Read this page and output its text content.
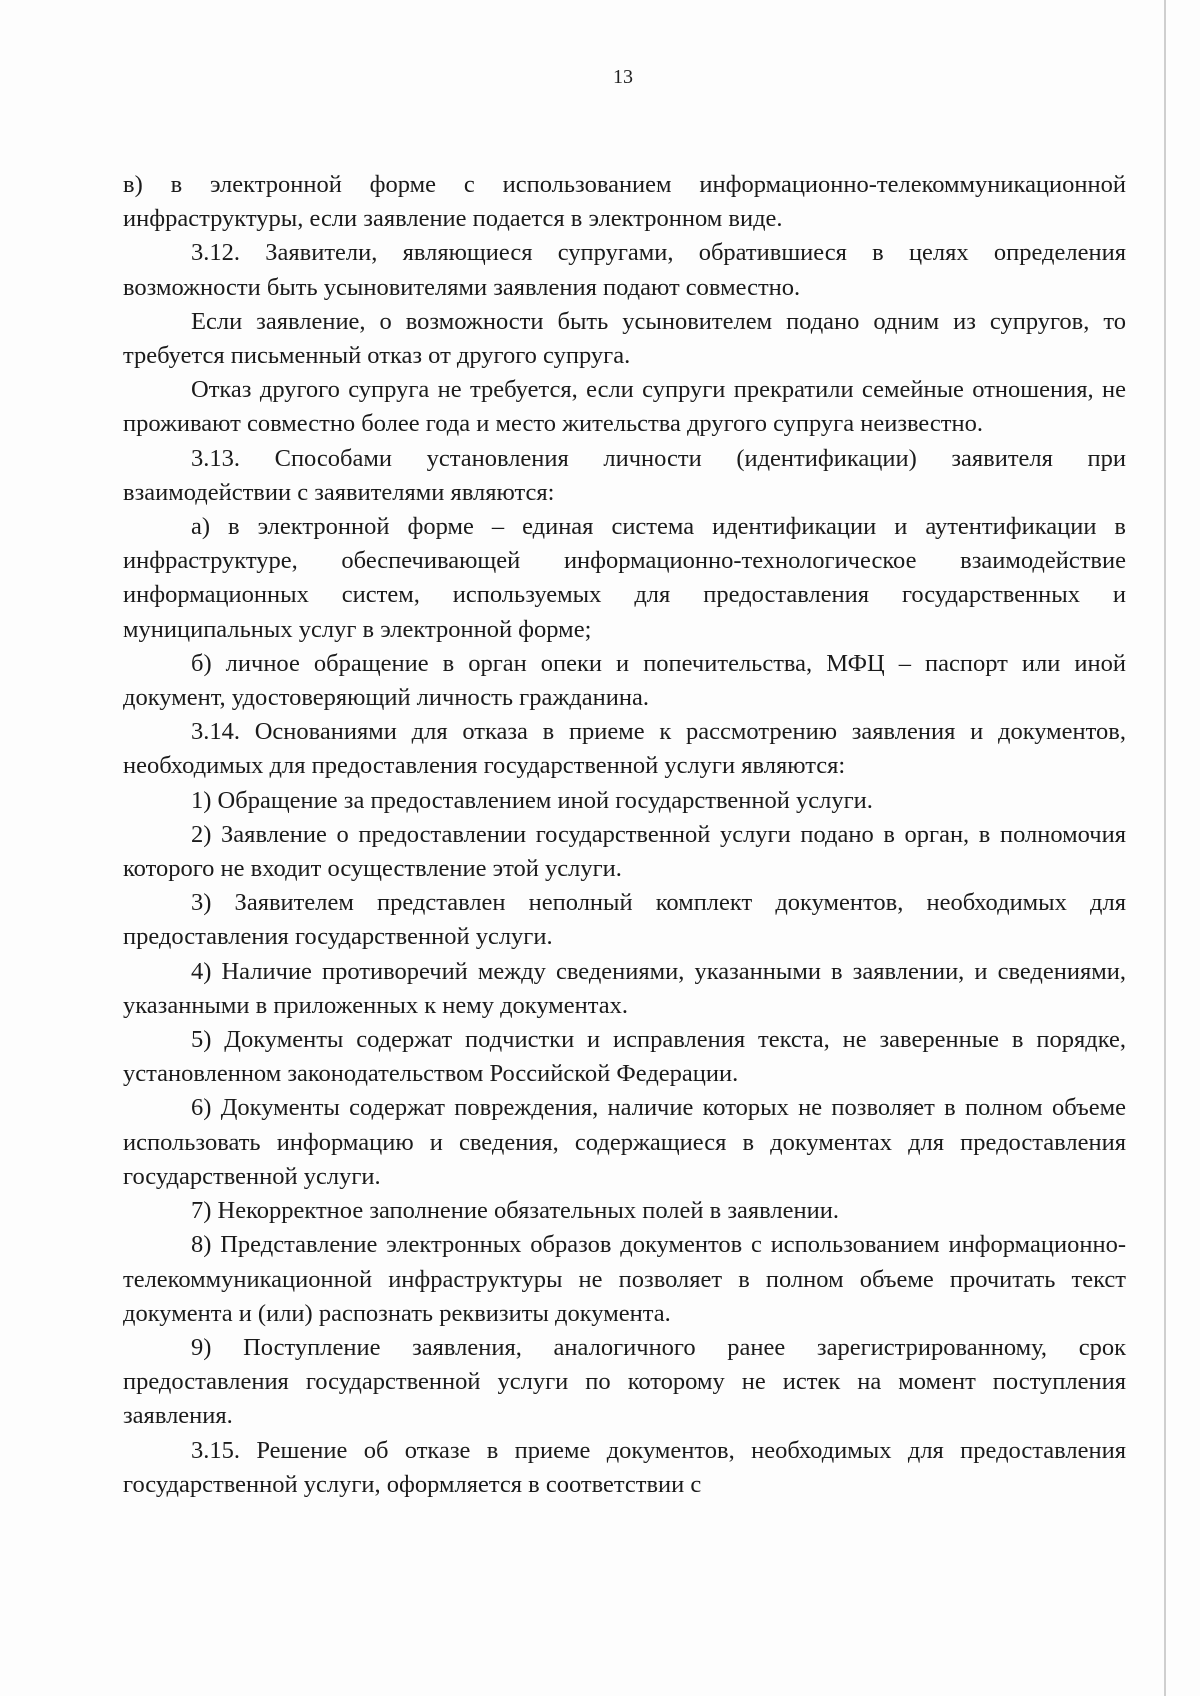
13

в) в электронной форме с использованием информационно-телекоммуникационной инфраструктуры, если заявление подается в электронном виде.

3.12. Заявители, являющиеся супругами, обратившиеся в целях определения возможности быть усыновителями заявления подают совместно.

Если заявление, о возможности быть усыновителем подано одним из супругов, то требуется письменный отказ от другого супруга.

Отказ другого супруга не требуется, если супруги прекратили семейные отношения, не проживают совместно более года и место жительства другого супруга неизвестно.

3.13. Способами установления личности (идентификации) заявителя при взаимодействии с заявителями являются:

а) в электронной форме – единая система идентификации и аутентификации в инфраструктуре, обеспечивающей информационно-технологическое взаимодействие информационных систем, используемых для предоставления государственных и муниципальных услуг в электронной форме;

б) личное обращение в орган опеки и попечительства, МФЦ – паспорт или иной документ, удостоверяющий личность гражданина.

3.14. Основаниями для отказа в приеме к рассмотрению заявления и документов, необходимых для предоставления государственной услуги являются:

1) Обращение за предоставлением иной государственной услуги.

2) Заявление о предоставлении государственной услуги подано в орган, в полномочия которого не входит осуществление этой услуги.

3) Заявителем представлен неполный комплект документов, необходимых для предоставления государственной услуги.

4) Наличие противоречий между сведениями, указанными в заявлении, и сведениями, указанными в приложенных к нему документах.

5) Документы содержат подчистки и исправления текста, не заверенные в порядке, установленном законодательством Российской Федерации.

6) Документы содержат повреждения, наличие которых не позволяет в полном объеме использовать информацию и сведения, содержащиеся в документах для предоставления государственной услуги.

7) Некорректное заполнение обязательных полей в заявлении.

8) Представление электронных образов документов с использованием информационно-телекоммуникационной инфраструктуры не позволяет в полном объеме прочитать текст документа и (или) распознать реквизиты документа.

9) Поступление заявления, аналогичного ранее зарегистрированному, срок предоставления государственной услуги по которому не истек на момент поступления заявления.

3.15. Решение об отказе в приеме документов, необходимых для предоставления государственной услуги, оформляется в соответствии с
